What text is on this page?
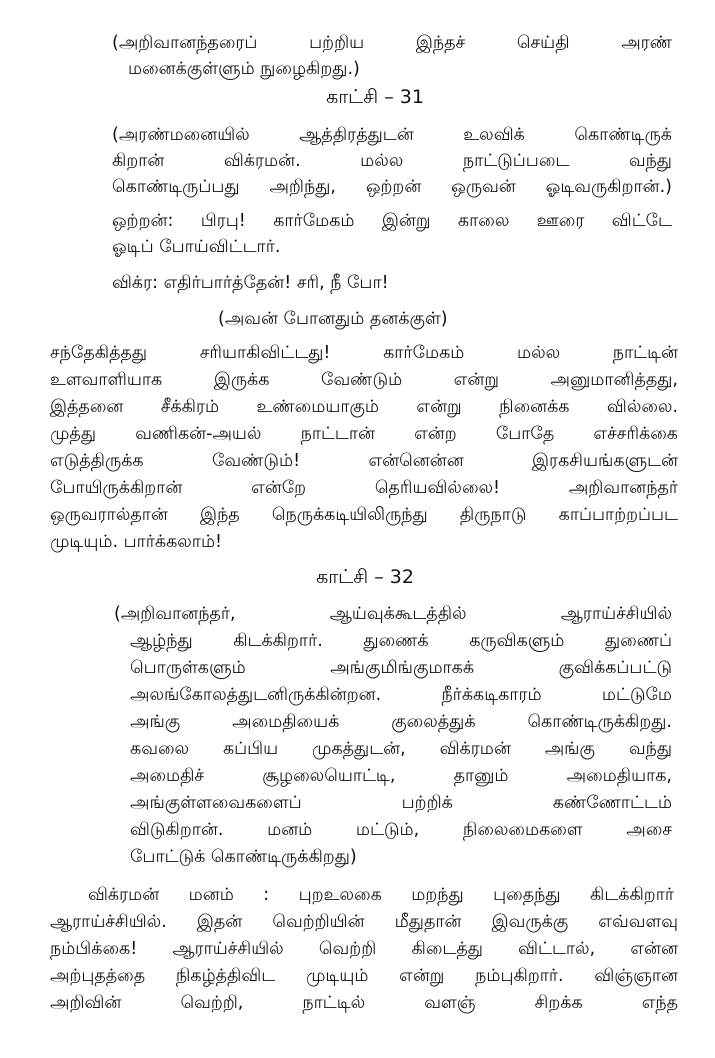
(அறிவானந்தரைப் பற்றிய இந்தச் செய்தி அரண்
மனைக்குள்ளும் நுழைகிறது.)
காட்சி – 31
(அரண்மனையில் ஆத்திரத்துடன் உலவிக் கொண்டிருக்
கிறான் விக்ரமன். மல்ல நாட்டுப்படை வந்து
கொண்டிருப்பது அறிந்து, ஒற்றன் ஒருவன் ஓடிவருகிறான்.)
ஒற்றன்: பிரபு! கார்மேகம் இன்று காலை ஊரை விட்டே
ஓடிப் போய்விட்டார்.
விக்ர: எதிர்பார்த்தேன்! சரி, நீ போ!
(அவன் போனதும் தனக்குள்)
சந்தேகித்தது சரியாகிவிட்டது! கார்மேகம் மல்ல நாட்டின்
உளவாளியாக இருக்க வேண்டும் என்று அனுமானித்தது,
இத்தனை சீக்கிரம் உண்மையாகும் என்று நினைக்க வில்லை.
முத்து வணிகன்-அயல் நாட்டான் என்ற போதே எச்சரிக்கை
எடுத்திருக்க வேண்டும்! என்னென்ன இரகசியங்களுடன்
போயிருக்கிறான் என்றே தெரியவில்லை! அறிவானந்தர்
ஒருவரால்தான் இந்த நெருக்கடியிலிருந்து திருநாடு காப்பாற்றப்பட
முடியும். பார்க்கலாம்!
காட்சி – 32
(அறிவானந்தர், ஆய்வுக்கூடத்தில் ஆராய்ச்சியில்
ஆழ்ந்து கிடக்கிறார். துணைக் கருவிகளும் துணைப்
பொருள்களும் அங்குமிங்குமாகக் குவிக்கப்பட்டு
அலங்கோலத்துடனிருக்கின்றன. நீர்க்கடிகாரம் மட்டுமே
அங்கு அமைதியைக் குலைத்துக் கொண்டிருக்கிறது.
கவலை கப்பிய முகத்துடன், விக்ரமன் அங்கு வந்து
அமைதிச் சூழலையொட்டி, தானும் அமைதியாக,
அங்குள்ளவைகளைப் பற்றிக் கண்ணோட்டம்
விடுகிறான். மனம் மட்டும், நிலைமைகளை அசை
போட்டுக் கொண்டிருக்கிறது)
விக்ரமன் மனம் : புறஉலகை மறந்து புதைந்து கிடக்கிறார்
ஆராய்ச்சியில். இதன் வெற்றியின் மீதுதான் இவருக்கு எவ்வளவு
நம்பிக்கை! ஆராய்ச்சியில் வெற்றி கிடைத்து விட்டால், என்ன
அற்புதத்தை நிகழ்த்திவிட முடியும் என்று நம்புகிறார். விஞ்ஞான
அறிவின் வெற்றி, நாட்டில் வளஞ் சிறக்க எந்த
